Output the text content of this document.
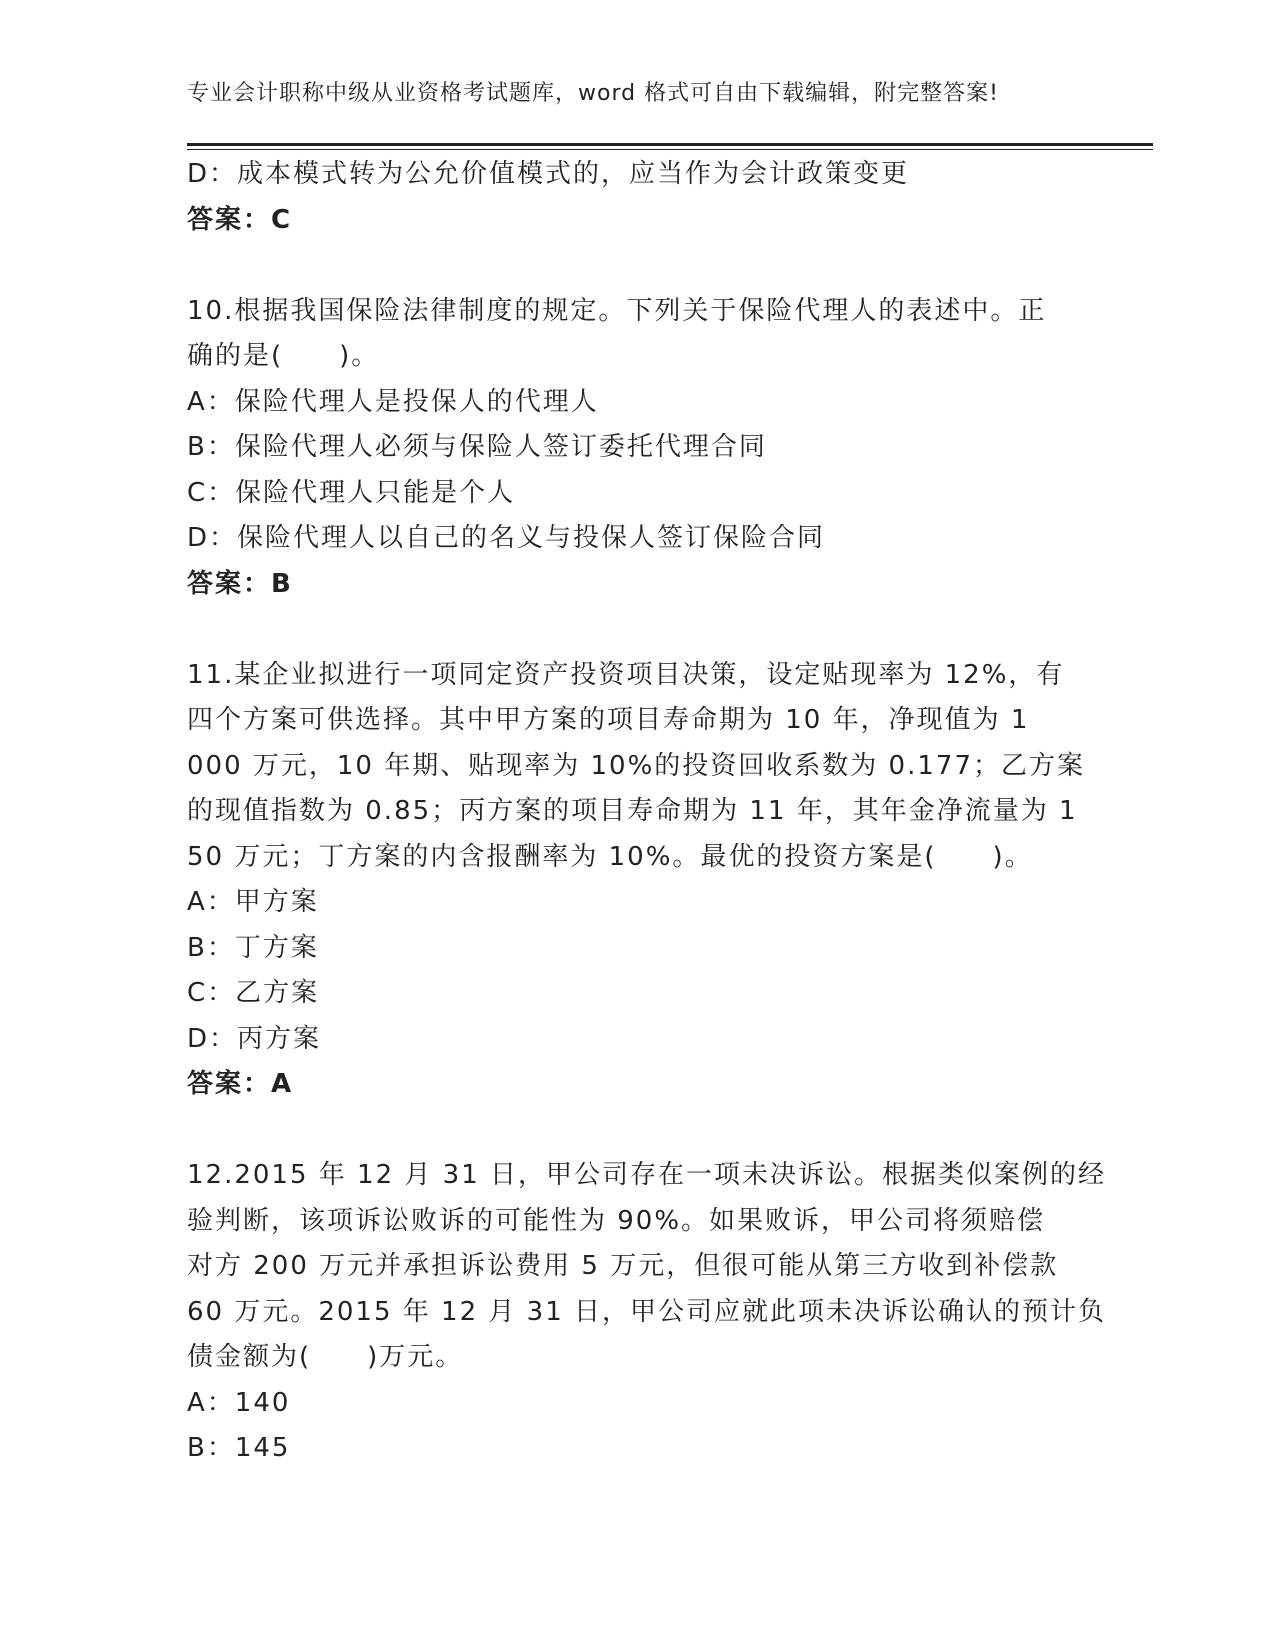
专业会计职称中级从业资格考试题库，word 格式可自由下载编辑，附完整答案!
D：成本模式转为公允价值模式的，应当作为会计政策变更
答案：C
10.根据我国保险法律制度的规定。下列关于保险代理人的表述中。正
确的是(　　)。
A：保险代理人是投保人的代理人
B：保险代理人必须与保险人签订委托代理合同
C：保险代理人只能是个人
D：保险代理人以自己的名义与投保人签订保险合同
答案：B
11.某企业拟进行一项同定资产投资项目决策，设定贴现率为 12%，有
四个方案可供选择。其中甲方案的项目寿命期为 10 年，净现值为 1
000 万元，10 年期、贴现率为 10%的投资回收系数为 0.177；乙方案
的现值指数为 0.85；丙方案的项目寿命期为 11 年，其年金净流量为 1
50 万元；丁方案的内含报酬率为 10%。最优的投资方案是(　　)。
A：甲方案
B：丁方案
C：乙方案
D：丙方案
答案：A
12.2015 年 12 月 31 日，甲公司存在一项未决诉讼。根据类似案例的经
验判断，该项诉讼败诉的可能性为 90%。如果败诉，甲公司将须赔偿
对方 200 万元并承担诉讼费用 5 万元，但很可能从第三方收到补偿款
60 万元。2015 年 12 月 31 日，甲公司应就此项未决诉讼确认的预计负
债金额为(　　)万元。
A：140
B：145
